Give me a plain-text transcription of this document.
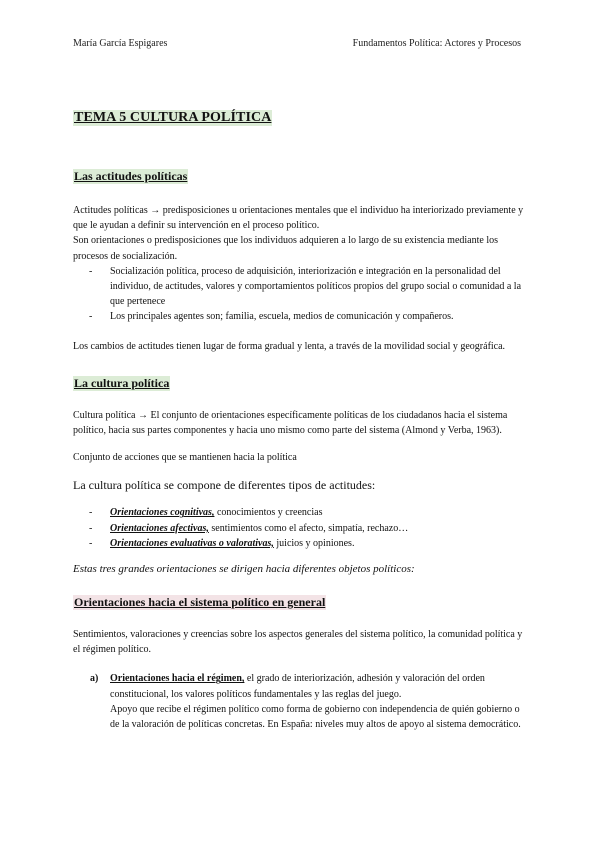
María García Espigares	Fundamentos Política: Actores y Procesos
TEMA 5 CULTURA POLÍTICA
Las actitudes políticas

Actitudes políticas → predisposiciones u orientaciones mentales que el individuo ha interiorizado previamente y que le ayudan a definir su intervención en el proceso político.

Son orientaciones o predisposiciones que los individuos adquieren a lo largo de su existencia mediante los procesos de socialización.

- Socialización política, proceso de adquisición, interiorización e integración en la personalidad del individuo, de actitudes, valores y comportamientos políticos propios del grupo social o comunidad a la que pertenece
- Los principales agentes son; familia, escuela, medios de comunicación y compañeros.

Los cambios de actitudes tienen lugar de forma gradual y lenta, a través de la movilidad social y geográfica.

La cultura política

Cultura política → El conjunto de orientaciones específicamente políticas de los ciudadanos hacia el sistema político, hacia sus partes componentes y hacia uno mismo como parte del sistema (Almond y Verba, 1963).

Conjunto de acciones que se mantienen hacia la política

La cultura política se compone de diferentes tipos de actitudes:

- Orientaciones cognitivas, conocimientos y creencias
- Orientaciones afectivas, sentimientos como el afecto, simpatía, rechazo…
- Orientaciones evaluativas o valorativas, juicios y opiniones.

Estas tres grandes orientaciones se dirigen hacia diferentes objetos políticos:

Orientaciones hacia el sistema político en general

Sentimientos, valoraciones y creencias sobre los aspectos generales del sistema político, la comunidad política y el régimen político.

a) Orientaciones hacia el régimen, el grado de interiorización, adhesión y valoración del orden constitucional, los valores políticos fundamentales y las reglas del juego.
Apoyo que recibe el régimen político como forma de gobierno con independencia de quién gobierno o de la valoración de políticas concretas. En España: niveles muy altos de apoyo al sistema democrático.
